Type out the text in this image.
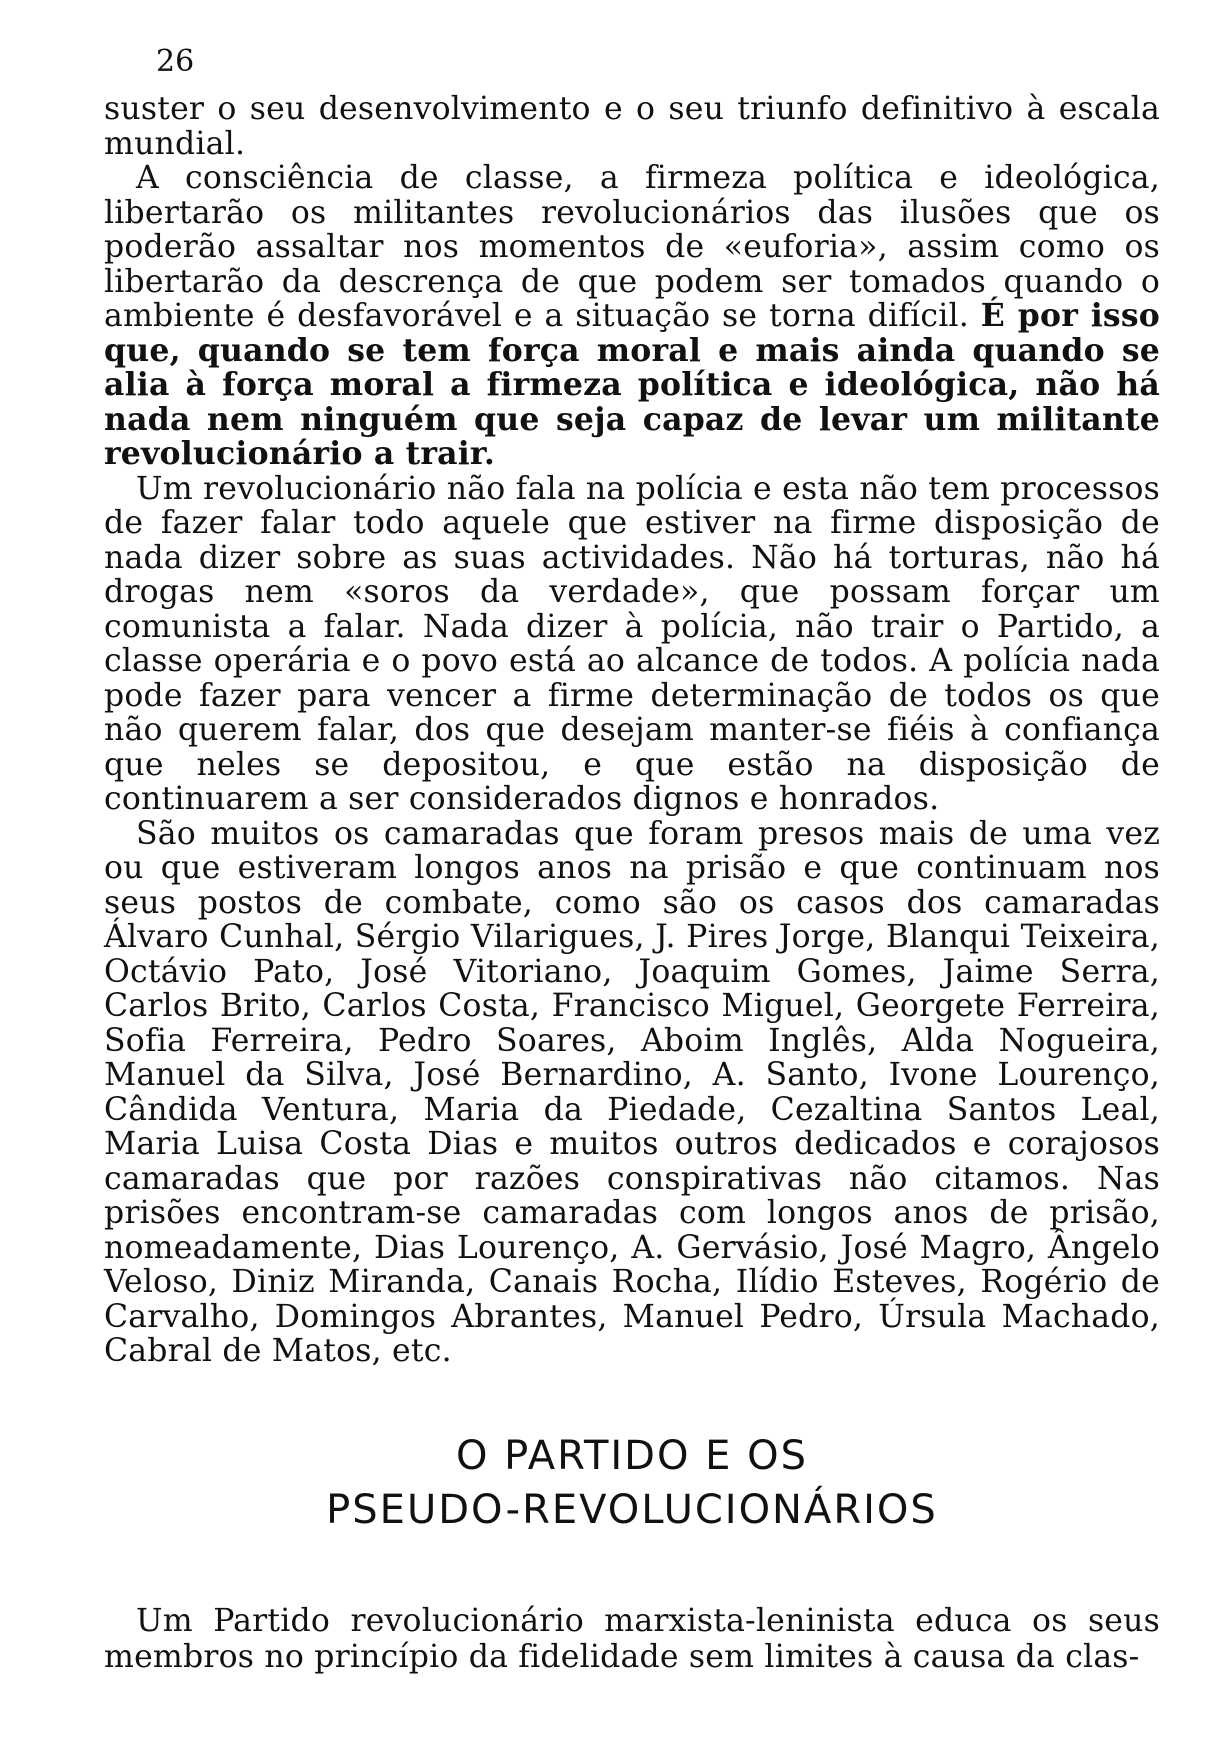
26

suster o seu desenvolvimento e o seu triunfo definitivo à escala mundial.

A consciência de classe, a firmeza política e ideológica, libertarão os militantes revolucionários das ilusões que os poderão assaltar nos momentos de «euforia», assim como os libertarão da descrença de que podem ser tomados quando o ambiente é desfavorável e a situação se torna difícil. É por isso que, quando se tem força moral e mais ainda quando se alia à força moral a firmeza política e ideológica, não há nada nem ninguém que seja capaz de levar um militante revolucionário a trair.

Um revolucionário não fala na polícia e esta não tem processos de fazer falar todo aquele que estiver na firme disposição de nada dizer sobre as suas actividades. Não há torturas, não há drogas nem «soros da verdade», que possam forçar um comunista a falar. Nada dizer à polícia, não trair o Partido, a classe operária e o povo está ao alcance de todos. A polícia nada pode fazer para vencer a firme determinação de todos os que não querem falar, dos que desejam manter-se fiéis à confiança que neles se depositou, e que estão na disposição de continuarem a ser considerados dignos e honrados.

São muitos os camaradas que foram presos mais de uma vez ou que estiveram longos anos na prisão e que continuam nos seus postos de combate, como são os casos dos camaradas Álvaro Cunhal, Sérgio Vilarigues, J. Pires Jorge, Blanqui Teixeira, Octávio Pato, José Vitoriano, Joaquim Gomes, Jaime Serra, Carlos Brito, Carlos Costa, Francisco Miguel, Georgete Ferreira, Sofia Ferreira, Pedro Soares, Aboim Inglês, Alda Nogueira, Manuel da Silva, José Bernardino, A. Santo, Ivone Lourenço, Cândida Ventura, Maria da Piedade, Cezaltina Santos Leal, Maria Luisa Costa Dias e muitos outros dedicados e corajosos camaradas que por razões conspirativas não citamos. Nas prisões encontram-se camaradas com longos anos de prisão, nomeadamente, Dias Lourenço, A. Gervásio, José Magro, Ângelo Veloso, Diniz Miranda, Canais Rocha, Ilídio Esteves, Rogério de Carvalho, Domingos Abrantes, Manuel Pedro, Úrsula Machado, Cabral de Matos, etc.

O PARTIDO E OS
PSEUDO-REVOLUCIONÁRIOS

Um Partido revolucionário marxista-leninista educa os seus membros no princípio da fidelidade sem limites à causa da clas-
